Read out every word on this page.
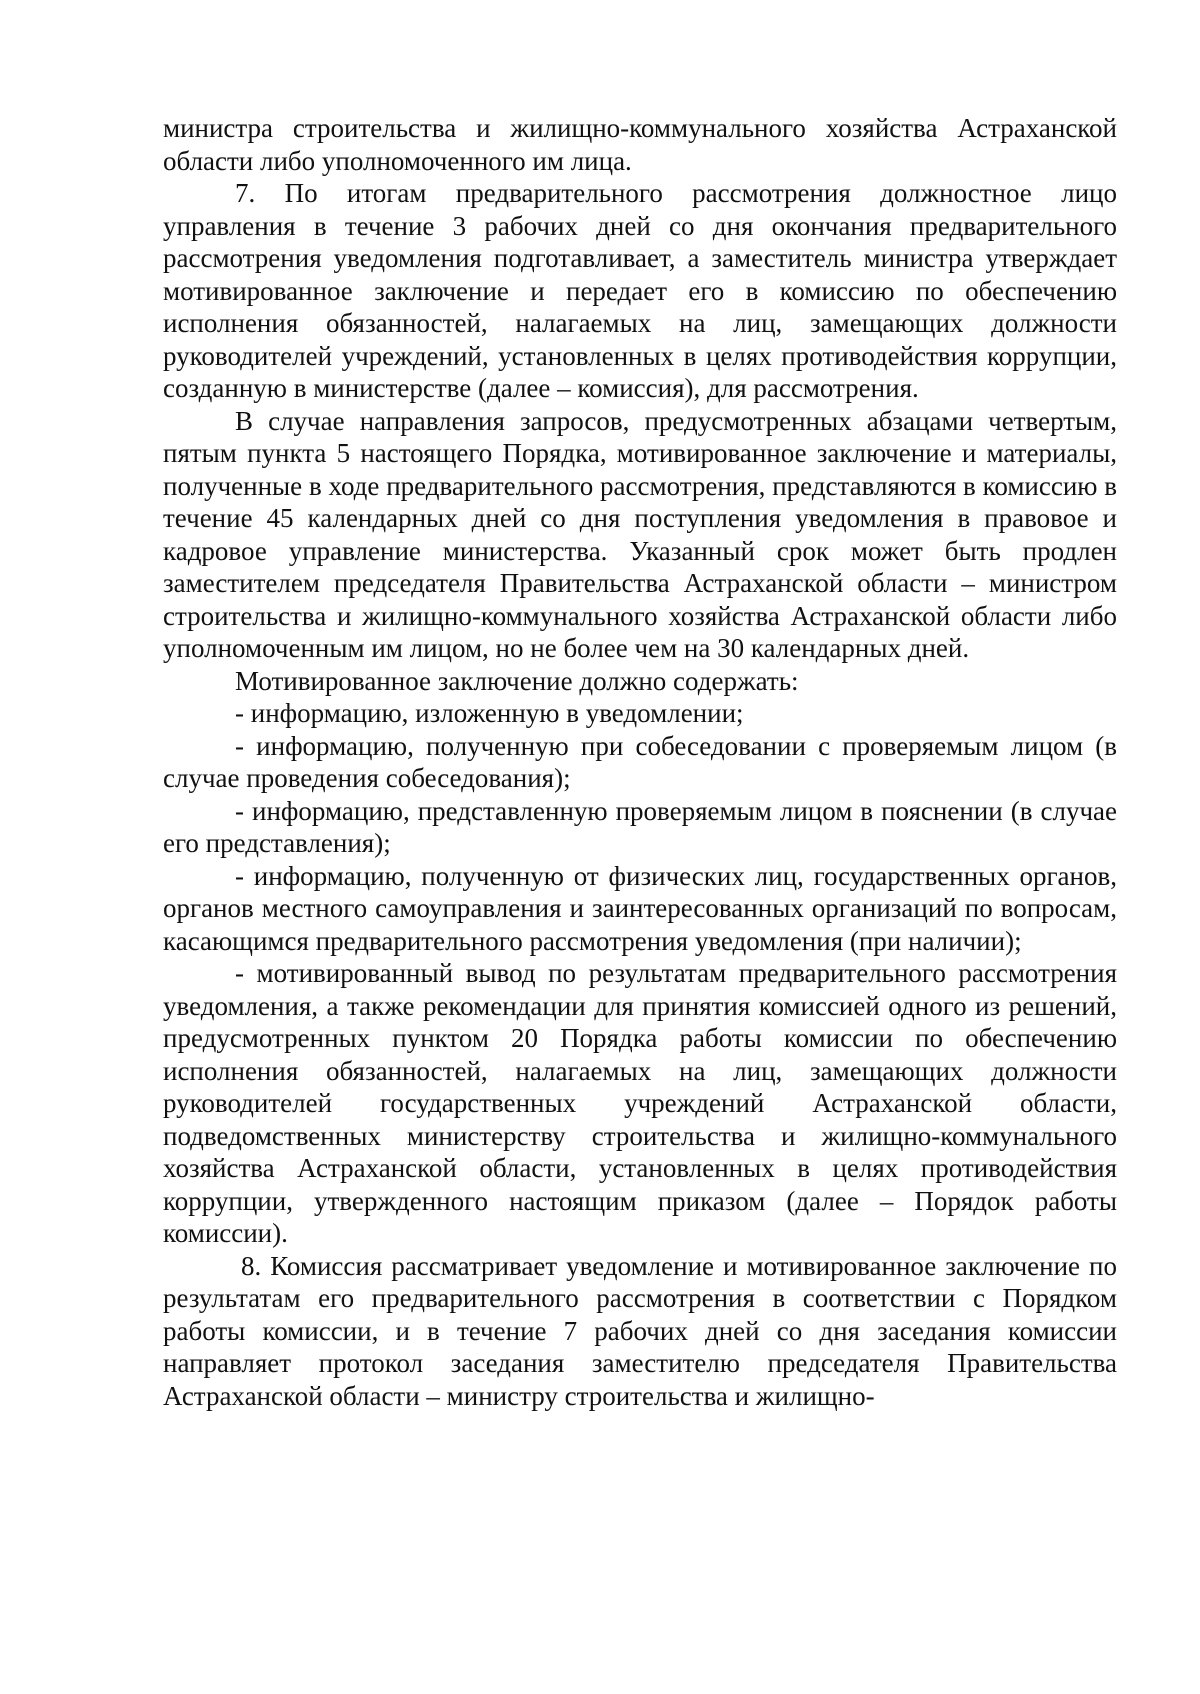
министра строительства и жилищно-коммунального хозяйства Астраханской области либо уполномоченного им лица.

7. По итогам предварительного рассмотрения должностное лицо управления в течение 3 рабочих дней со дня окончания предварительного рассмотрения уведомления подготавливает, а заместитель министра утверждает мотивированное заключение и передает его в комиссию по обеспечению исполнения обязанностей, налагаемых на лиц, замещающих должности руководителей учреждений, установленных в целях противодействия коррупции, созданную в министерстве (далее – комиссия), для рассмотрения.

В случае направления запросов, предусмотренных абзацами четвертым, пятым пункта 5 настоящего Порядка, мотивированное заключение и материалы, полученные в ходе предварительного рассмотрения, представляются в комиссию в течение 45 календарных дней со дня поступления уведомления в правовое и кадровое управление министерства. Указанный срок может быть продлен заместителем председателя Правительства Астраханской области – министром строительства и жилищно-коммунального хозяйства Астраханской области либо уполномоченным им лицом, но не более чем на 30 календарных дней.

Мотивированное заключение должно содержать:

- информацию, изложенную в уведомлении;

- информацию, полученную при собеседовании с проверяемым лицом (в случае проведения собеседования);

- информацию, представленную проверяемым лицом в пояснении (в случае его представления);

- информацию, полученную от физических лиц, государственных органов, органов местного самоуправления и заинтересованных организаций по вопросам, касающимся предварительного рассмотрения уведомления (при наличии);

- мотивированный вывод по результатам предварительного рассмотрения уведомления, а также рекомендации для принятия комиссией одного из решений, предусмотренных пунктом 20 Порядка работы комиссии по обеспечению исполнения обязанностей, налагаемых на лиц, замещающих должности руководителей государственных учреждений Астраханской области, подведомственных министерству строительства и жилищно-коммунального хозяйства Астраханской области, установленных в целях противодействия коррупции, утвержденного настоящим приказом (далее – Порядок работы комиссии).

8. Комиссия рассматривает уведомление и мотивированное заключение по результатам его предварительного рассмотрения в соответствии с Порядком работы комиссии, и в течение 7 рабочих дней со дня заседания комиссии направляет протокол заседания заместителю председателя Правительства Астраханской области – министру строительства и жилищно-
